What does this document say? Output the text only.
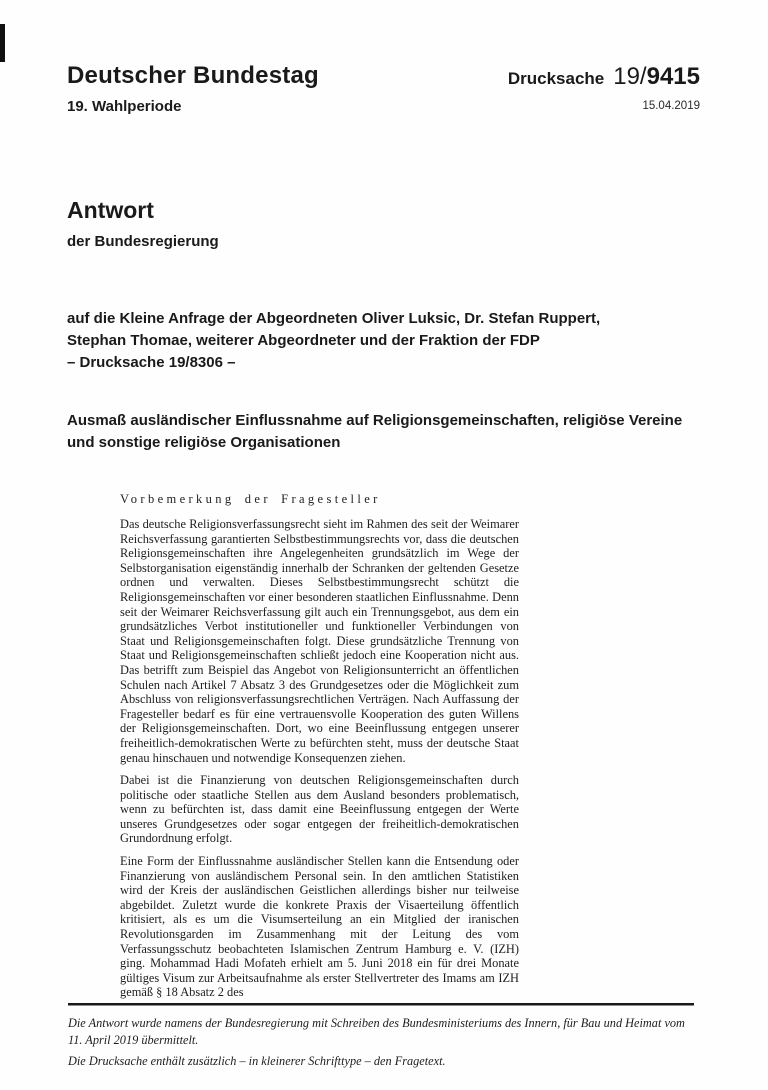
Deutscher Bundestag
19. Wahlperiode
Drucksache 19/9415
15.04.2019
Antwort
der Bundesregierung
auf die Kleine Anfrage der Abgeordneten Oliver Luksic, Dr. Stefan Ruppert,
Stephan Thomae, weiterer Abgeordneter und der Fraktion der FDP
– Drucksache 19/8306 –
Ausmaß ausländischer Einflussnahme auf Religionsgemeinschaften, religiöse Vereine und sonstige religiöse Organisationen
Vorbemerkung der Fragesteller

Das deutsche Religionsverfassungsrecht sieht im Rahmen des seit der Weimarer Reichsverfassung garantierten Selbstbestimmungsrechts vor, dass die deutschen Religionsgemeinschaften ihre Angelegenheiten grundsätzlich im Wege der Selbstorganisation eigenständig innerhalb der Schranken der geltenden Gesetze ordnen und verwalten. Dieses Selbstbestimmungsrecht schützt die Religionsgemeinschaften vor einer besonderen staatlichen Einflussnahme. Denn seit der Weimarer Reichsverfassung gilt auch ein Trennungsgebot, aus dem ein grundsätzliches Verbot institutioneller und funktioneller Verbindungen von Staat und Religionsgemeinschaften folgt. Diese grundsätzliche Trennung von Staat und Religionsgemeinschaften schließt jedoch eine Kooperation nicht aus. Das betrifft zum Beispiel das Angebot von Religionsunterricht an öffentlichen Schulen nach Artikel 7 Absatz 3 des Grundgesetzes oder die Möglichkeit zum Abschluss von religionsverfassungsrechtlichen Verträgen. Nach Auffassung der Fragesteller bedarf es für eine vertrauensvolle Kooperation des guten Willens der Religionsgemeinschaften. Dort, wo eine Beeinflussung entgegen unserer freiheitlich-demokratischen Werte zu befürchten steht, muss der deutsche Staat genau hinschauen und notwendige Konsequenzen ziehen.

Dabei ist die Finanzierung von deutschen Religionsgemeinschaften durch politische oder staatliche Stellen aus dem Ausland besonders problematisch, wenn zu befürchten ist, dass damit eine Beeinflussung entgegen der Werte unseres Grundgesetzes oder sogar entgegen der freiheitlich-demokratischen Grundordnung erfolgt.

Eine Form der Einflussnahme ausländischer Stellen kann die Entsendung oder Finanzierung von ausländischem Personal sein. In den amtlichen Statistiken wird der Kreis der ausländischen Geistlichen allerdings bisher nur teilweise abgebildet. Zuletzt wurde die konkrete Praxis der Visaerteilung öffentlich kritisiert, als es um die Visumserteilung an ein Mitglied der iranischen Revolutionsgarden im Zusammenhang mit der Leitung des vom Verfassungsschutz beobachteten Islamischen Zentrum Hamburg e. V. (IZH) ging. Mohammad Hadi Mofateh erhielt am 5. Juni 2018 ein für drei Monate gültiges Visum zur Arbeitsaufnahme als erster Stellvertreter des Imams am IZH gemäß § 18 Absatz 2 des

Die Antwort wurde namens der Bundesregierung mit Schreiben des Bundesministeriums des Innern, für Bau und Heimat vom 11. April 2019 übermittelt.
Die Drucksache enthält zusätzlich – in kleinerer Schrifttype – den Fragetext.
